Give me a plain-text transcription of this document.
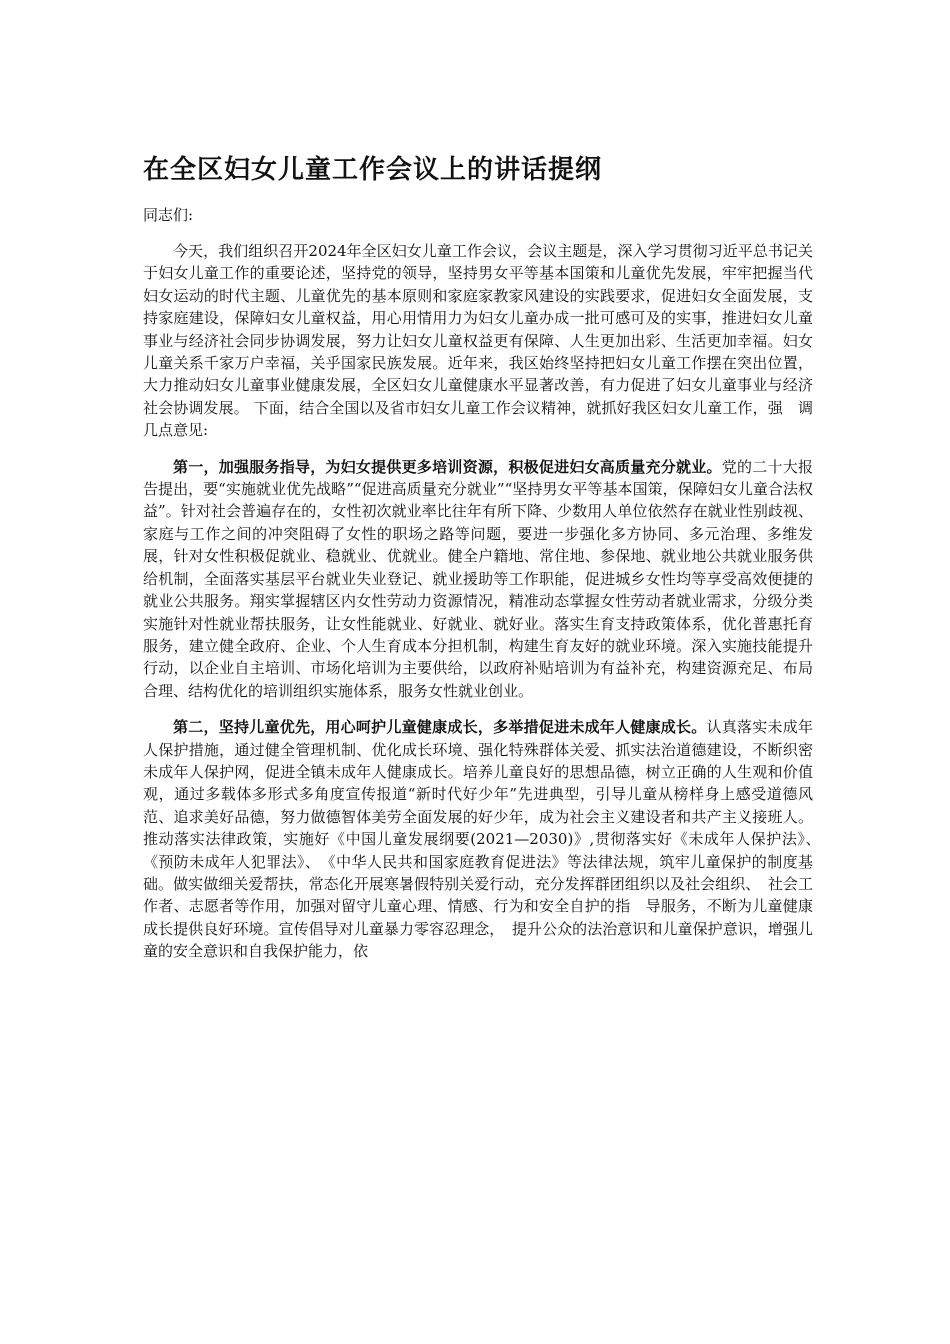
在全区妇女儿童工作会议上的讲话提纲

同志们:

今天，我们组织召开2024年全区妇女儿童工作会议，会议主题是，深入学习贯彻习近平总书记关于妇女儿童工作的重要论述，坚持党的领导，坚持男女平等基本国策和儿童优先发展，牢牢把握当代妇女运动的时代主题、儿童优先的基本原则和家庭家教家风建设的实践要求，促进妇女全面发展，支持家庭建设，保障妇女儿童权益，用心用情用力为妇女儿童办成一批可感可及的实事，推进妇女儿童事业与经济社会同步协调发展，努力让妇女儿童权益更有保障、人生更加出彩、生活更加幸福。妇女儿童关系千家万户幸福，关乎国家民族发展。近年来，我区始终坚持把妇女儿童工作摆在突出位置，大力推动妇女儿童事业健康发展，全区妇女儿童健康水平显著改善，有力促进了妇女儿童事业与经济社会协调发展。 下面，结合全国以及省市妇女儿童工作会议精神，就抓好我区妇女儿童工作，强　调几点意见:

第一，加强服务指导，为妇女提供更多培训资源，积极促进妇女高质量充分就业。党的二十大报告提出，要“实施就业优先战略”“促进高质量充分就业”“坚持男女平等基本国策，保障妇女儿童合法权益”。针对社会普遍存在的，女性初次就业率比往年有所下降、少数用人单位依然存在就业性别歧视、家庭与工作之间的冲突阻碍了女性的职场之路等问题，要进一步强化多方协同、多元治理、多维发展，针对女性积极促就业、稳就业、优就业。健全户籍地、常住地、参保地、就业地公共就业服务供给机制，全面落实基层平台就业失业登记、就业援助等工作职能，促进城乡女性均等享受高效便捷的就业公共服务。翔实掌握辖区内女性劳动力资源情况，精准动态掌握女性劳动者就业需求，分级分类实施针对性就业帮扶服务，让女性能就业、好就业、就好业。落实生育支持政策体系，优化普惠托育服务，建立健全政府、企业、个人生育成本分担机制，构建生育友好的就业环境。深入实施技能提升行动，以企业自主培训、市场化培训为主要供给，以政府补贴培训为有益补充，构建资源充足、布局合理、结构优化的培训组织实施体系，服务女性就业创业。

第二，坚持儿童优先，用心呵护儿童健康成长，多举措促进未成年人健康成长。认真落实未成年人保护措施，通过健全管理机制、优化成长环境、强化特殊群体关爱、抓实法治道德建设，不断织密未成年人保护网，促进全镇未成年人健康成长。培养儿童良好的思想品德，树立正确的人生观和价值观，通过多载体多形式多角度宣传报道“新时代好少年”先进典型，引导儿童从榜样身上感受道德风范、追求美好品德，努力做德智体美劳全面发展的好少年，成为社会主义建设者和共产主义接班人。推动落实法律政策，实施好《中国儿童发展纲要(2021—2030)》,贯彻落实好《未成年人保护法》、　《预防未成年人犯罪法》、　《中华人民共和国家庭教育促进法》等法律法规，筑牢儿童保护的制度基础。做实做细关爱帮扶，常态化开展寒暑假特别关爱行动，充分发挥群团组织以及社会组织、　社会工作者、志愿者等作用，加强对留守儿童心理、情感、行为和安全自护的指　导服务，不断为儿童健康成长提供良好环境。宣传倡导对儿童暴力零容忍理念，　提升公众的法治意识和儿童保护意识，增强儿童的安全意识和自我保护能力，依
